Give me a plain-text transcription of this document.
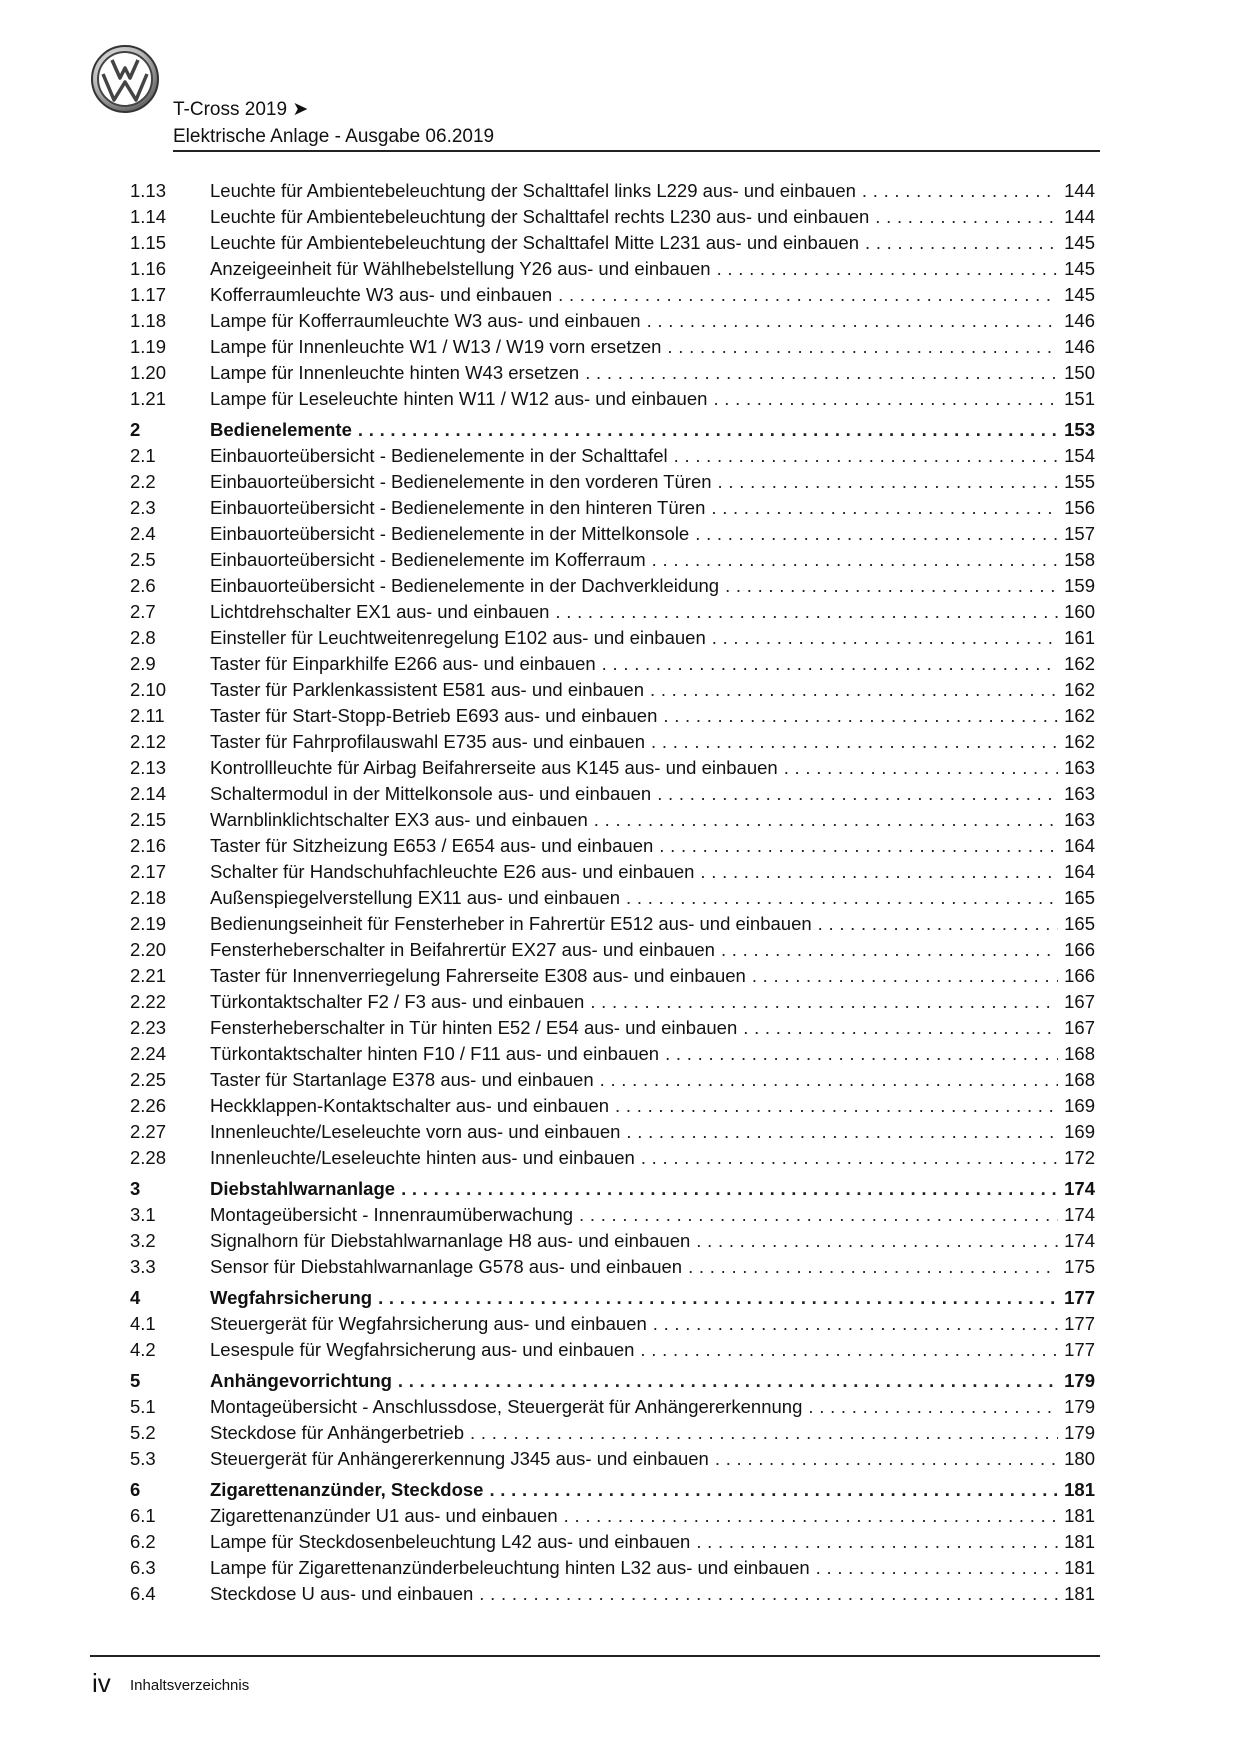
T-Cross 2019 ➤
Elektrische Anlage - Ausgabe 06.2019
1.13	Leuchte für Ambientebeleuchtung der Schalttafel links L229 aus- und einbauen .....	144
1.14	Leuchte für Ambientebeleuchtung der Schalttafel rechts L230 aus- und einbauen .....	144
1.15	Leuchte für Ambientebeleuchtung der Schalttafel Mitte L231 aus- und einbauen .....	145
1.16	Anzeigeeinheit für Wählhebelstellung Y26 aus- und einbauen .....	145
1.17	Kofferraumleuchte W3 aus- und einbauen .....	145
1.18	Lampe für Kofferraumleuchte W3 aus- und einbauen .....	146
1.19	Lampe für Innenleuchte W1 / W13 / W19 vorn ersetzen .....	146
1.20	Lampe für Innenleuchte hinten W43 ersetzen .....	150
1.21	Lampe für Leseleuchte hinten W11 / W12 aus- und einbauen .....	151
2	Bedienelemente .....	153
2.1	Einbauorteübersicht - Bedienelemente in der Schalttafel .....	154
2.2	Einbauorteübersicht - Bedienelemente in den vorderen Türen .....	155
2.3	Einbauorteübersicht - Bedienelemente in den hinteren Türen .....	156
2.4	Einbauorteübersicht - Bedienelemente in der Mittelkonsole .....	157
2.5	Einbauorteübersicht - Bedienelemente im Kofferraum .....	158
2.6	Einbauorteübersicht - Bedienelemente in der Dachverkleidung .....	159
2.7	Lichtdrehschalter EX1 aus- und einbauen .....	160
2.8	Einsteller für Leuchtweitenregelung E102 aus- und einbauen .....	161
2.9	Taster für Einparkhilfe E266 aus- und einbauen .....	162
2.10	Taster für Parklenkassistent E581 aus- und einbauen .....	162
2.11	Taster für Start-Stopp-Betrieb E693 aus- und einbauen .....	162
2.12	Taster für Fahrprofilauswahl E735 aus- und einbauen .....	162
2.13	Kontrollleuchte für Airbag Beifahrerseite aus K145 aus- und einbauen .....	163
2.14	Schaltermodul in der Mittelkonsole aus- und einbauen .....	163
2.15	Warnblinklichtschalter EX3 aus- und einbauen .....	163
2.16	Taster für Sitzheizung E653 / E654 aus- und einbauen .....	164
2.17	Schalter für Handschuhfachleuchte E26 aus- und einbauen .....	164
2.18	Außenspiegelverstellung EX11 aus- und einbauen .....	165
2.19	Bedienungseinheit für Fensterheber in Fahrertür E512 aus- und einbauen .....	165
2.20	Fensterheberschalter in Beifahrertür EX27 aus- und einbauen .....	166
2.21	Taster für Innenverriegelung Fahrerseite E308 aus- und einbauen .....	166
2.22	Türkontaktschalter F2 / F3 aus- und einbauen .....	167
2.23	Fensterheberschalter in Tür hinten E52 / E54 aus- und einbauen .....	167
2.24	Türkontaktschalter hinten F10 / F11 aus- und einbauen .....	168
2.25	Taster für Startanlage E378 aus- und einbauen .....	168
2.26	Heckklappen-Kontaktschalter aus- und einbauen .....	169
2.27	Innenleuchte/Leseleuchte vorn aus- und einbauen .....	169
2.28	Innenleuchte/Leseleuchte hinten aus- und einbauen .....	172
3	Diebstahlwarnanlage .....	174
3.1	Montageübersicht - Innenraumüberwachung .....	174
3.2	Signalhorn für Diebstahlwarnanlage H8 aus- und einbauen .....	174
3.3	Sensor für Diebstahlwarnanlage G578 aus- und einbauen .....	175
4	Wegfahrsicherung .....	177
4.1	Steuergerät für Wegfahrsicherung aus- und einbauen .....	177
4.2	Lesespule für Wegfahrsicherung aus- und einbauen .....	177
5	Anhängevorrichtung .....	179
5.1	Montageübersicht - Anschlussdose, Steuergerät für Anhängererkennung .....	179
5.2	Steckdose für Anhängerbetrieb .....	179
5.3	Steuergerät für Anhängererkennung J345 aus- und einbauen .....	180
6	Zigarettenanzünder, Steckdose .....	181
6.1	Zigarettenanzünder U1 aus- und einbauen .....	181
6.2	Lampe für Steckdosenbeleuchtung L42 aus- und einbauen .....	181
6.3	Lampe für Zigarettenanzünderbeleuchtung hinten L32 aus- und einbauen .....	181
6.4	Steckdose U aus- und einbauen .....	181
iv Inhaltsverzeichnis
